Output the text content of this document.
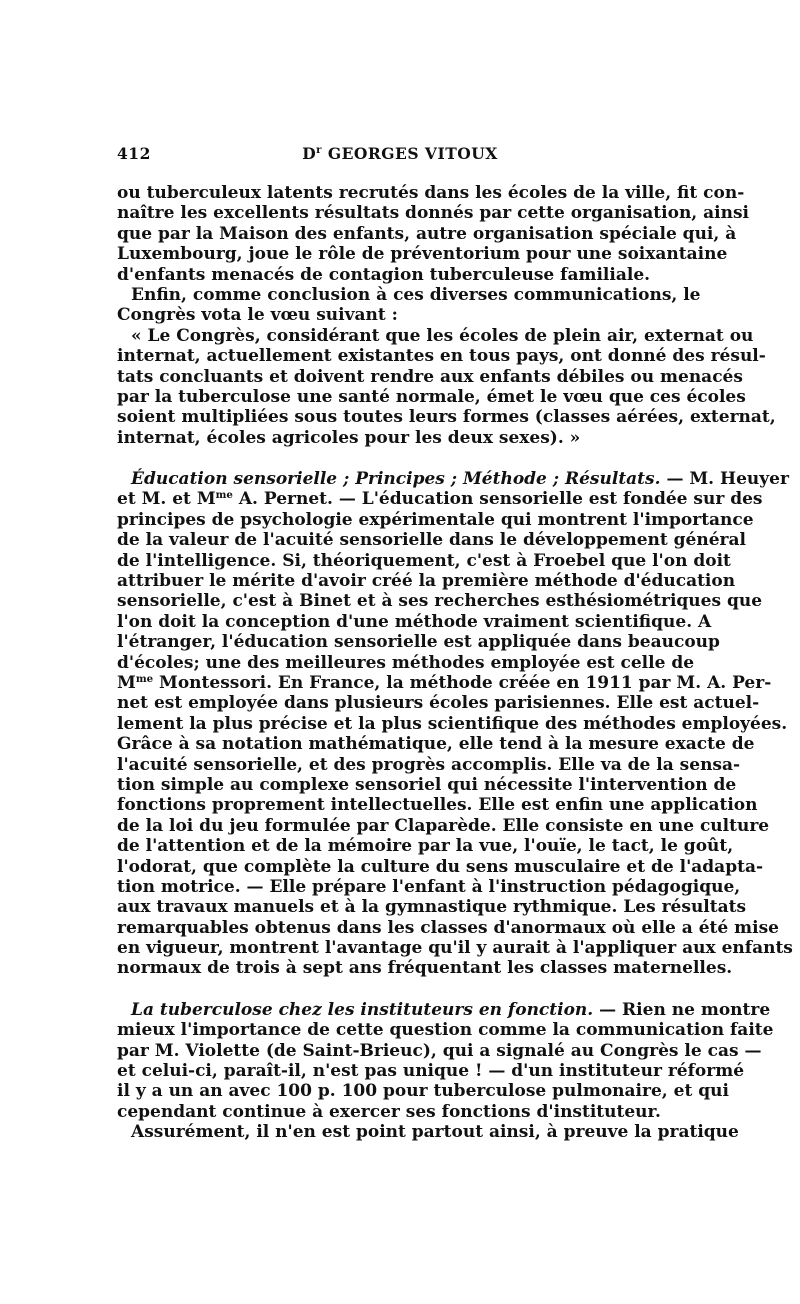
412	$D^r$ GEORGES VITOUX
ou tuberculeux latents recrutés dans les écoles de la ville, fit con-
naître les excellents résultats donnés par cette organisation, ainsi
que par la Maison des enfants, autre organisation spéciale qui, à
Luxembourg, joue le rôle de préventorium pour une soixantaine
d'enfants menacés de contagion tuberculeuse familiale.
Enfin, comme conclusion à ces diverses communications, le
Congrès vota le vœu suivant :
« Le Congrès, considérant que les écoles de plein air, externat ou
internat, actuellement existantes en tous pays, ont donné des résul-
tats concluants et doivent rendre aux enfants débiles ou menacés
par la tuberculose une santé normale, émet le vœu que ces écoles
soient multipliées sous toutes leurs formes (classes aérées, externat,
internat, écoles agricoles pour les deux sexes). »
Éducation sensorielle ; Principes ; Méthode ; Résultats. — M. Heuyer
et M. et $M^{me}$ A. Pernet. — L'éducation sensorielle est fondée sur des
principes de psychologie expérimentale qui montrent l'importance
de la valeur de l'acuité sensorielle dans le développement général
de l'intelligence. Si, théoriquement, c'est à Froebel que l'on doit
attribuer le mérite d'avoir créé la première méthode d'éducation
sensorielle, c'est à Binet et à ses recherches esthésiométriques que
l'on doit la conception d'une méthode vraiment scientifique. A
l'étranger, l'éducation sensorielle est appliquée dans beaucoup
d'écoles; une des meilleures méthodes employée est celle de
$M^{me}$ Montessori. En France, la méthode créée en 1911 par M. A. Per-
net est employée dans plusieurs écoles parisiennes. Elle est actuel-
lement la plus précise et la plus scientifique des méthodes employées.
Grâce à sa notation mathématique, elle tend à la mesure exacte de
l'acuité sensorielle, et des progrès accomplis. Elle va de la sensa-
tion simple au complexe sensoriel qui nécessite l'intervention de
fonctions proprement intellectuelles. Elle est enfin une application
de la loi du jeu formulée par Claparède. Elle consiste en une culture
de l'attention et de la mémoire par la vue, l'ouïe, le tact, le goût,
l'odorat, que complète la culture du sens musculaire et de l'adapta-
tion motrice. — Elle prépare l'enfant à l'instruction pédagogique,
aux travaux manuels et à la gymnastique rythmique. Les résultats
remarquables obtenus dans les classes d'anormaux où elle a été mise
en vigueur, montrent l'avantage qu'il y aurait à l'appliquer aux enfants
normaux de trois à sept ans fréquentant les classes maternelles.
La tuberculose chez les instituteurs en fonction. — Rien ne montre
mieux l'importance de cette question comme la communication faite
par M. Violette (de Saint-Brieuc), qui a signalé au Congrès le cas —
et celui-ci, paraît-il, n'est pas unique ! — d'un instituteur réformé
il y a un an avec 100 p. 100 pour tuberculose pulmonaire, et qui
cependant continue à exercer ses fonctions d'instituteur.
Assurément, il n'en est point partout ainsi, à preuve la pratique
